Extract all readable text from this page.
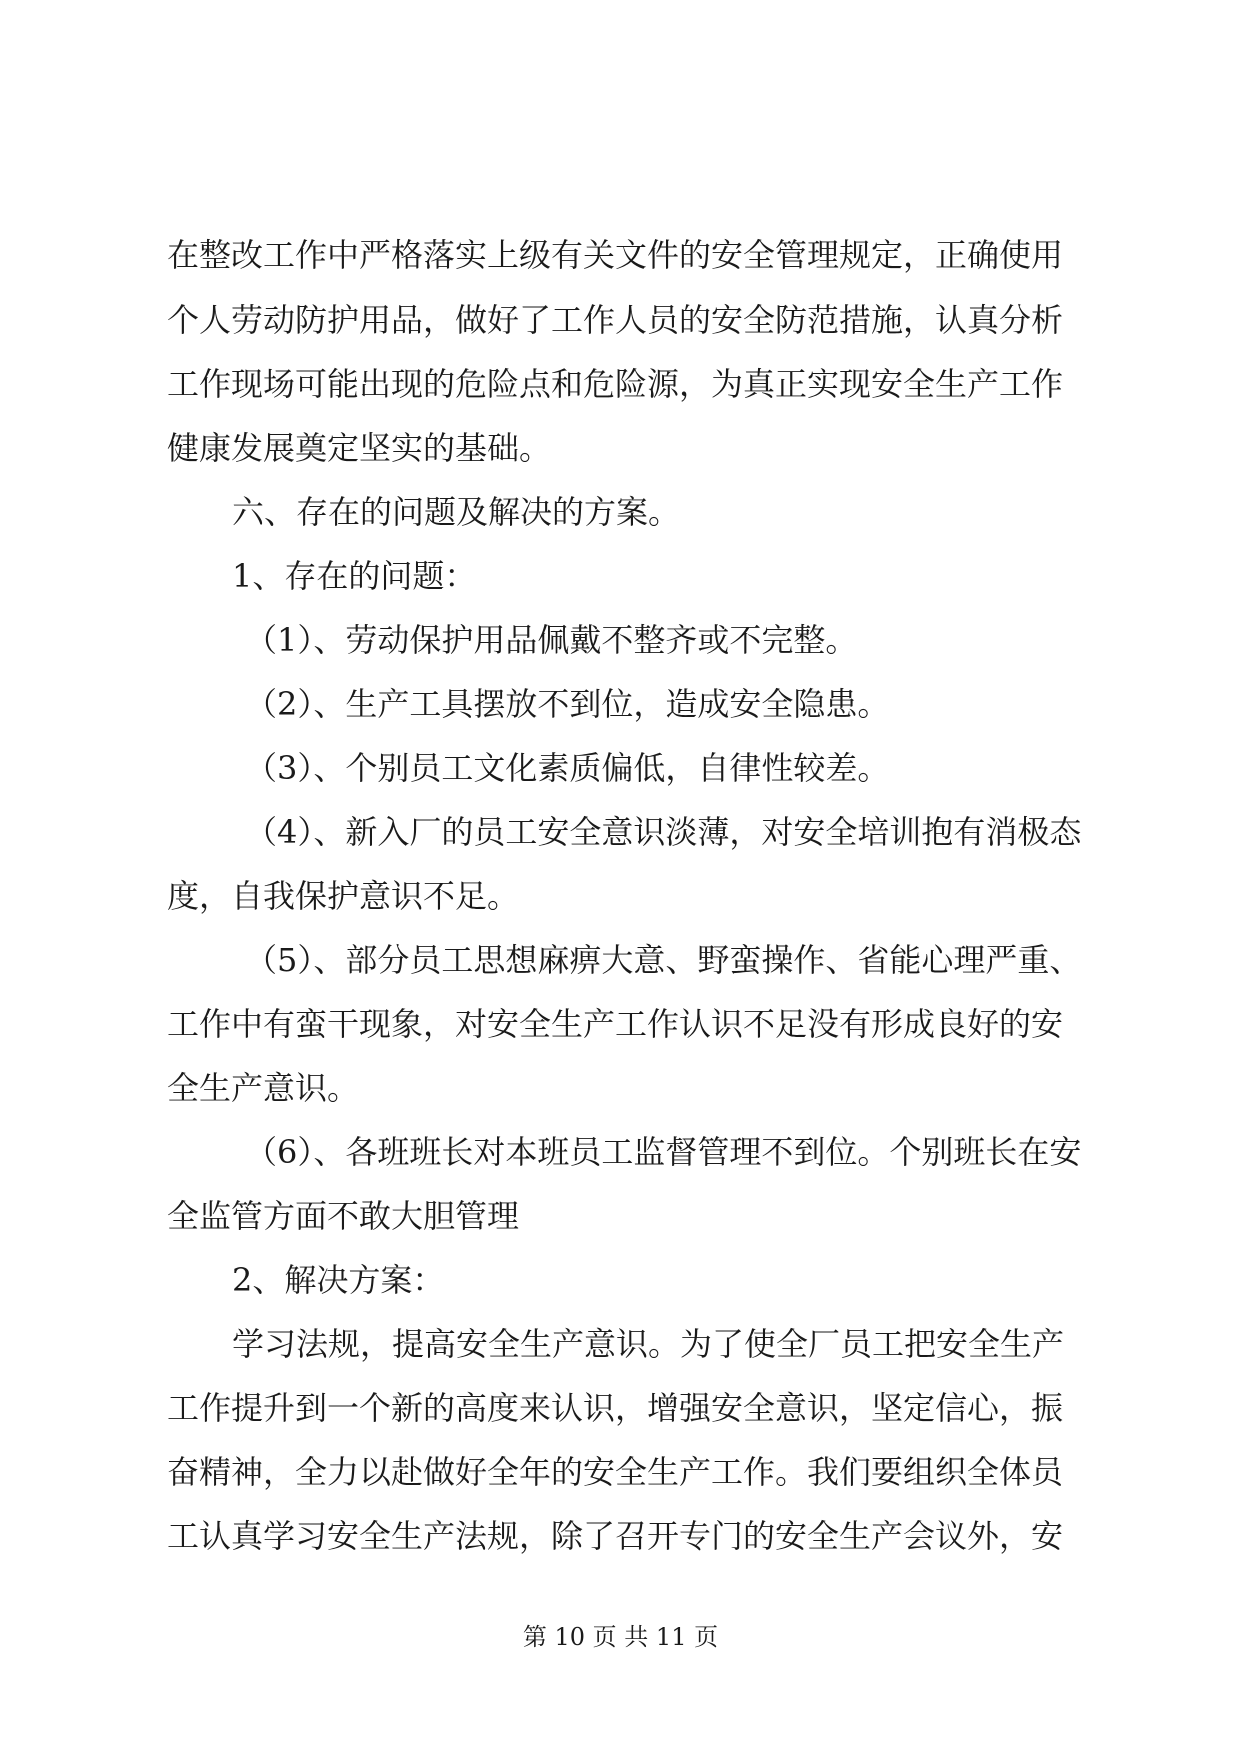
在整改工作中严格落实上级有关文件的安全管理规定，正确使用
个人劳动防护用品，做好了工作人员的安全防范措施，认真分析
工作现场可能出现的危险点和危险源，为真正实现安全生产工作
健康发展奠定坚实的基础。
六、存在的问题及解决的方案。
1、存在的问题：
（1）、劳动保护用品佩戴不整齐或不完整。
（2）、生产工具摆放不到位，造成安全隐患。
（3）、个别员工文化素质偏低，自律性较差。
（4）、新入厂的员工安全意识淡薄，对安全培训抱有消极态
度，自我保护意识不足。
（5）、部分员工思想麻痹大意、野蛮操作、省能心理严重、
工作中有蛮干现象，对安全生产工作认识不足没有形成良好的安
全生产意识。
（6）、各班班长对本班员工监督管理不到位。个别班长在安
全监管方面不敢大胆管理
2、解决方案：
学习法规，提高安全生产意识。为了使全厂员工把安全生产
工作提升到一个新的高度来认识，增强安全意识，坚定信心，振
奋精神，全力以赴做好全年的安全生产工作。我们要组织全体员
工认真学习安全生产法规，除了召开专门的安全生产会议外，安
第 10 页 共 11 页
